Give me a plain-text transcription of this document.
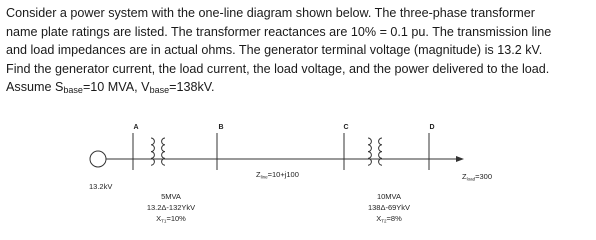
Consider a power system with the one-line diagram shown below. The three-phase transformer
name plate ratings are listed. The transformer reactances are 10% = 0.1 pu. The transmission line
and load impedances are in actual ohms. The generator terminal voltage (magnitude) is 13.2 kV.
Find the generator current, the load current, the load voltage, and the power delivered to the load.
Assume $S_{base}=10$ MVA, $V_{base}=138kV$.
A	B	C	D
13.2kV
5MVA
13.2Δ-132YkV
$X_{T1}=10\%$
$Z_{line}=10+j100$
10MVA
138Δ-69YkV
$X_{T2}=8\%$
$Z_{load}=300$
